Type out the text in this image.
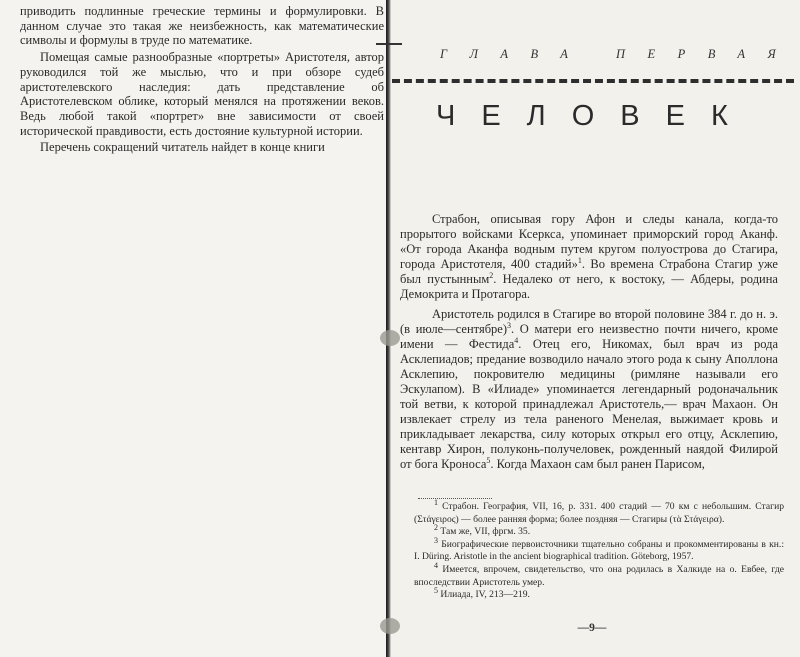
приводить подлинные греческие термины и формулировки. В данном случае это такая же неизбежность, как математические символы и формулы в труде по математике.

Помещая самые разнообразные «портреты» Аристотеля, автор руководился той же мыслью, что и при обзоре судеб аристотелевского наследия: дать представление об Аристотелевском облике, который менялся на протяжении веков. Ведь любой такой «портрет» вне зависимости от своей исторической правдивости, есть достояние культурной истории.

Перечень сокращений читатель найдет в конце книги

ГЛАВА ПЕРВАЯ
ЧЕЛОВЕК

Страбон, описывая гору Афон и следы канала, когда-то прорытого войсками Ксеркса, упоминает приморский город Аканф. «От города Аканфа водным путем кругом полуострова до Стагира, города Аристотеля, 400 стадий»$^1$. Во времена Страбона Стагир уже был пустынным$^2$. Недалеко от него, к востоку, — Абдеры, родина Демокрита и Протагора.

Аристотель родился в Стагире во второй половине 384 г. до н. э. (в июле—сентябре)$^3$. О матери его неизвестно почти ничего, кроме имени — Фестида$^4$. Отец его, Никомах, был врач из рода Асклепиадов; предание возводило начало этого рода к сыну Аполлона Асклепию, покровителю медицины (римляне называли его Эскулапом). В «Илиаде» упоминается легендарный родоначальник той ветви, к которой принадлежал Аристотель,— врач Махаон. Он извлекает стрелу из тела раненого Менелая, выжимает кровь и прикладывает лекарства, силу которых открыл его отцу, Асклепию, кентавр Хирон, полуконь-получеловек, рожденный наядой Филирой от бога Кроноса$^5$. Когда Махаон сам был ранен Парисом,

$^1$ Страбон. География, VII, 16, р. 331. 400 стадий — 70 км с небольшим. Стагир (Στάγειρος) — более ранняя форма; более поздняя — Стагиры (τὰ Στάγειρα).

$^2$ Там же, VII, фргм. 35.

$^3$ Биографические первоисточники тщательно собраны и прокомментированы в кн.: I. Düring. Aristotle in the ancient biographical tradition. Göteborg, 1957.

$^4$ Имеется, впрочем, свидетельство, что она родилась в Халкиде на о. Евбее, где впоследствии Аристотель умер.

$^5$ Илиада, IV, 213—219.

—9—
